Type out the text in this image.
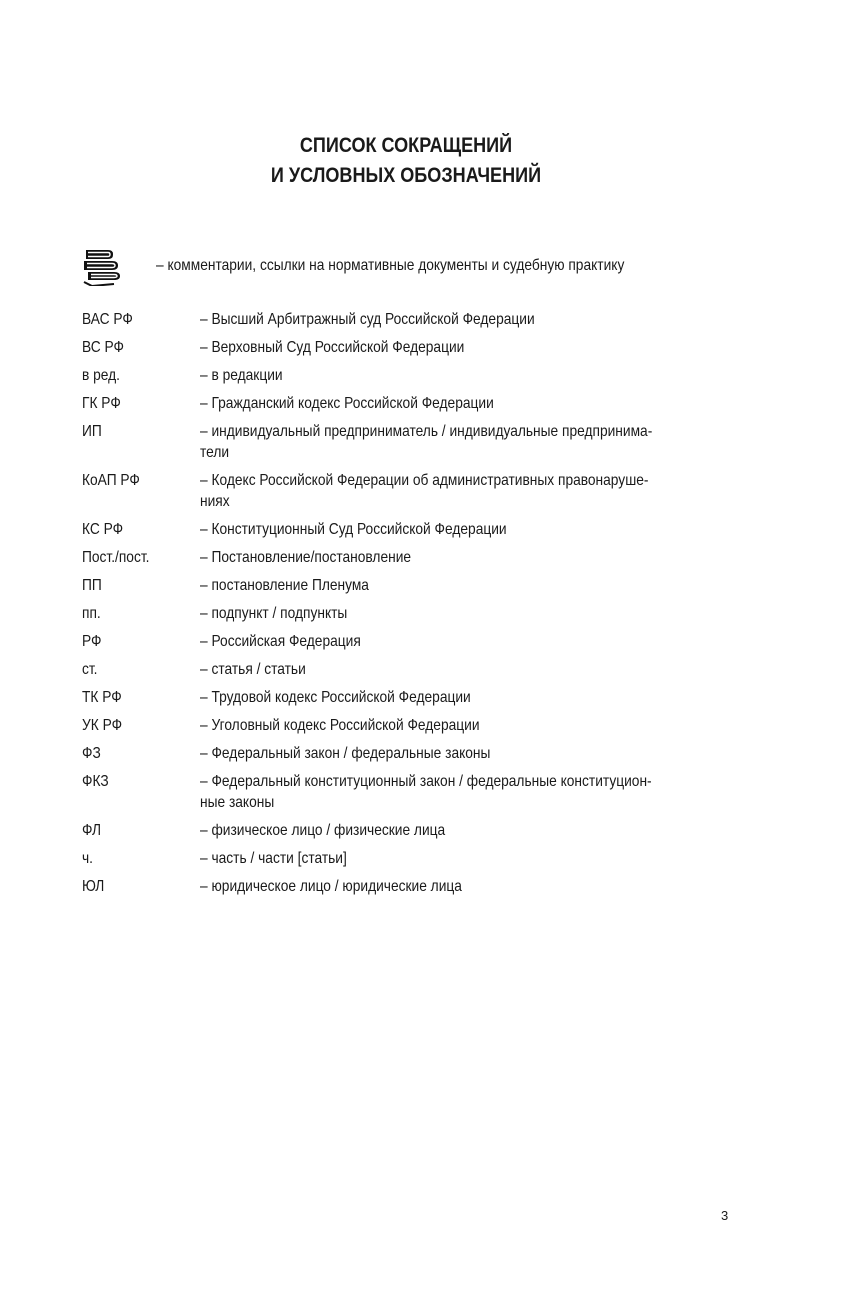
СПИСОК СОКРАЩЕНИЙ
И УСЛОВНЫХ ОБОЗНАЧЕНИЙ
– комментарии, ссылки на нормативные документы и судебную практику
ВАС РФ	– Высший Арбитражный суд Российской Федерации
ВС РФ	– Верховный Суд Российской Федерации
в ред.	– в редакции
ГК РФ	– Гражданский кодекс Российской Федерации
ИП	– индивидуальный предприниматель / индивидуальные предпринима-
тели
КоАП РФ	– Кодекс Российской Федерации об административных правонаруше-
ниях
КС РФ	– Конституционный Суд Российской Федерации
Пост./пост.	– Постановление/постановление
ПП	– постановление Пленума
пп.	– подпункт / подпункты
РФ	– Российская Федерация
ст.	– статья / статьи
ТК РФ	– Трудовой кодекс Российской Федерации
УК РФ	– Уголовный кодекс Российской Федерации
ФЗ	– Федеральный закон / федеральные законы
ФКЗ	– Федеральный конституционный закон / федеральные конституцион-
ные законы
ФЛ	– физическое лицо / физические лица
ч.	– часть / части [статьи]
ЮЛ	– юридическое лицо / юридические лица
3
